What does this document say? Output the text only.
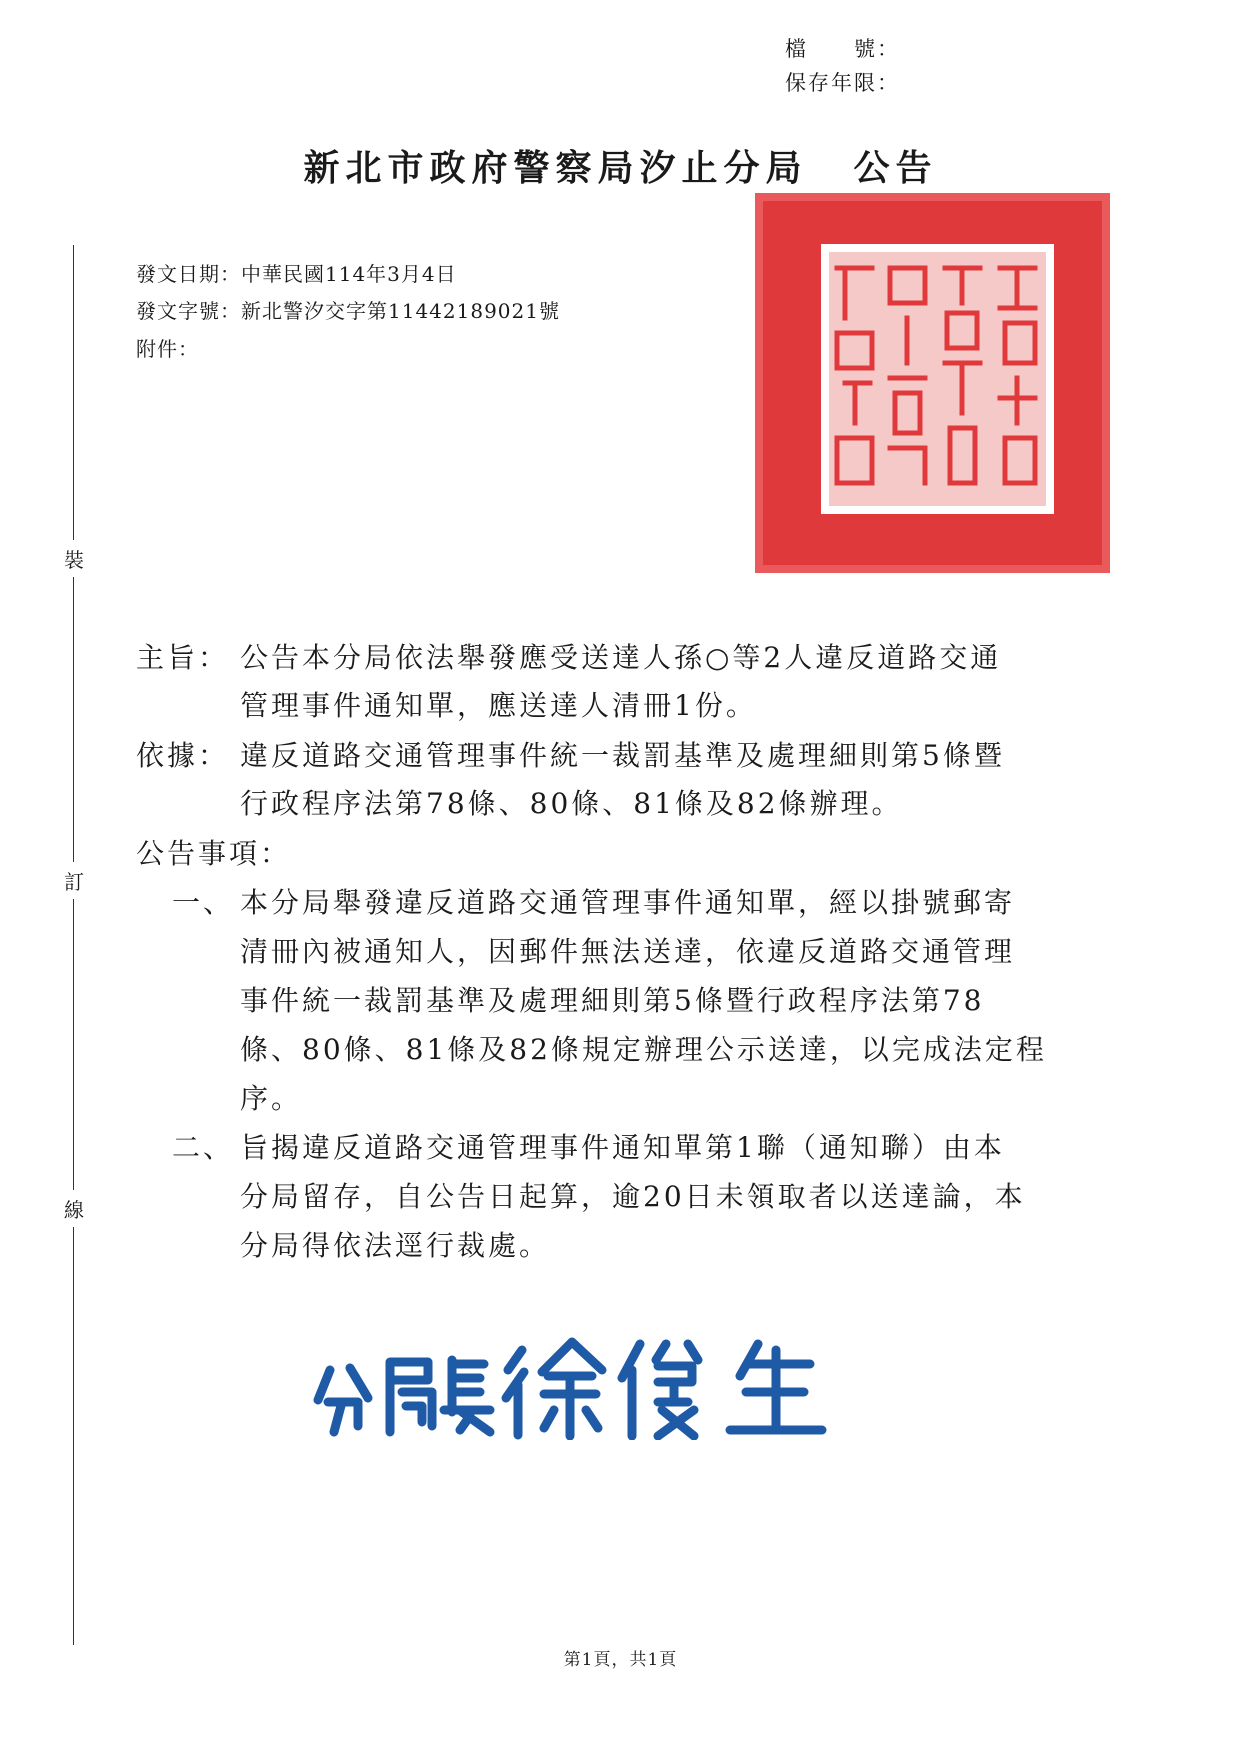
檔　　號：
保存年限：
新北市政府警察局汐止分局 公告
裝
訂
線
發文日期：中華民國114年3月4日
發文字號：新北警汐交字第11442189021號
附件：
主旨： 公告本分局依法舉發應受送達人孫○等2人違反道路交通
管理事件通知單，應送達人清冊1份。
依據： 違反道路交通管理事件統一裁罰基準及處理細則第5條暨
行政程序法第78條、80條、81條及82條辦理。
公告事項：
一、 本分局舉發違反道路交通管理事件通知單，經以掛號郵寄
清冊內被通知人，因郵件無法送達，依違反道路交通管理
事件統一裁罰基準及處理細則第5條暨行政程序法第78
條、80條、81條及82條規定辦理公示送達，以完成法定程
序。
二、 旨揭違反道路交通管理事件通知單第1聯（通知聯）由本
分局留存，自公告日起算，逾20日未領取者以送達論，本
分局得依法逕行裁處。
第1頁，共1頁
